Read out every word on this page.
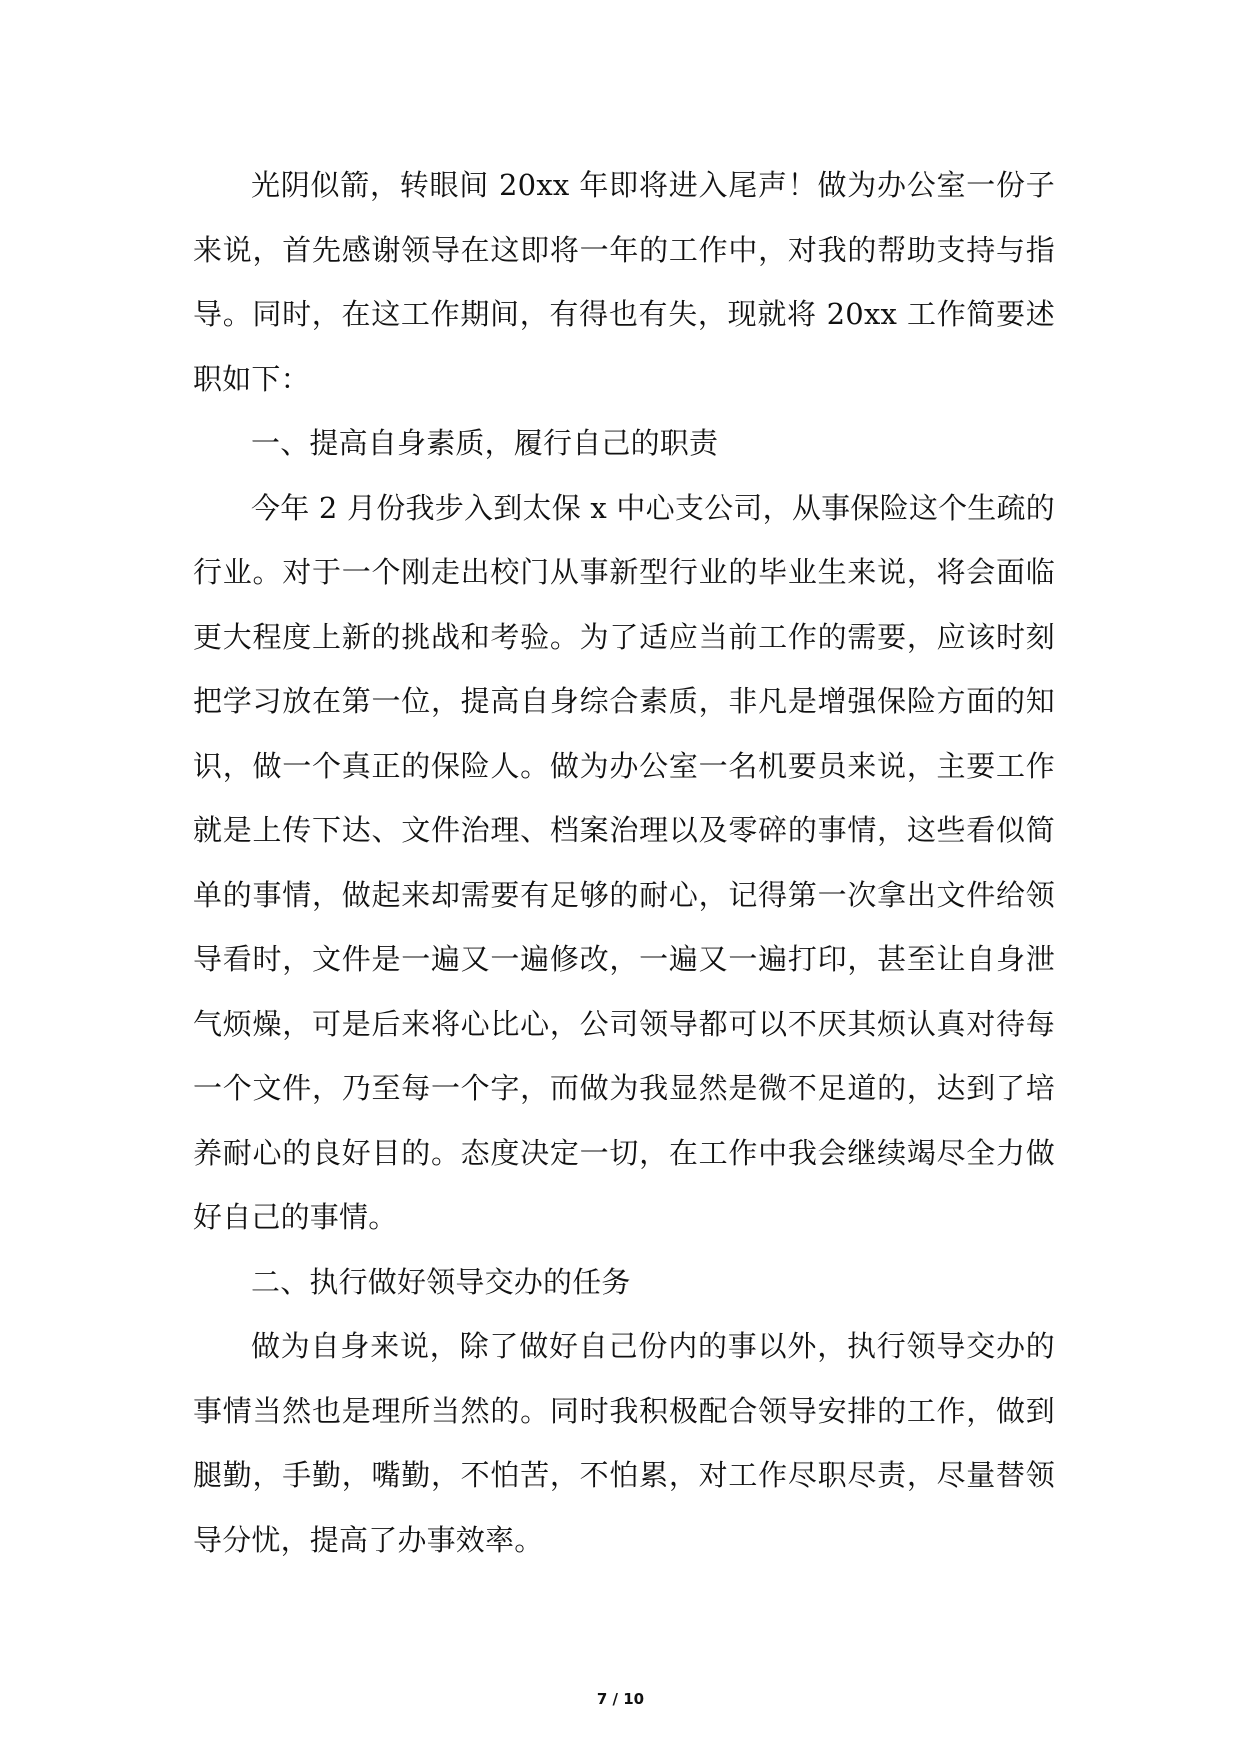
光阴似箭，转眼间 20xx 年即将进入尾声！做为办公室一份子来说，首先感谢领导在这即将一年的工作中，对我的帮助支持与指导。同时，在这工作期间，有得也有失，现就将 20xx 工作简要述职如下：

一、提高自身素质，履行自己的职责

今年 2 月份我步入到太保 x 中心支公司，从事保险这个生疏的行业。对于一个刚走出校门从事新型行业的毕业生来说，将会面临更大程度上新的挑战和考验。为了适应当前工作的需要，应该时刻把学习放在第一位，提高自身综合素质，非凡是增强保险方面的知识，做一个真正的保险人。做为办公室一名机要员来说，主要工作就是上传下达、文件治理、档案治理以及零碎的事情，这些看似简单的事情，做起来却需要有足够的耐心，记得第一次拿出文件给领导看时，文件是一遍又一遍修改，一遍又一遍打印，甚至让自身泄气烦燥，可是后来将心比心，公司领导都可以不厌其烦认真对待每一个文件，乃至每一个字，而做为我显然是微不足道的，达到了培养耐心的良好目的。态度决定一切，在工作中我会继续竭尽全力做好自己的事情。

二、执行做好领导交办的任务

做为自身来说，除了做好自己份内的事以外，执行领导交办的事情当然也是理所当然的。同时我积极配合领导安排的工作，做到腿勤，手勤，嘴勤，不怕苦，不怕累，对工作尽职尽责，尽量替领导分忧，提高了办事效率。

7 / 10
